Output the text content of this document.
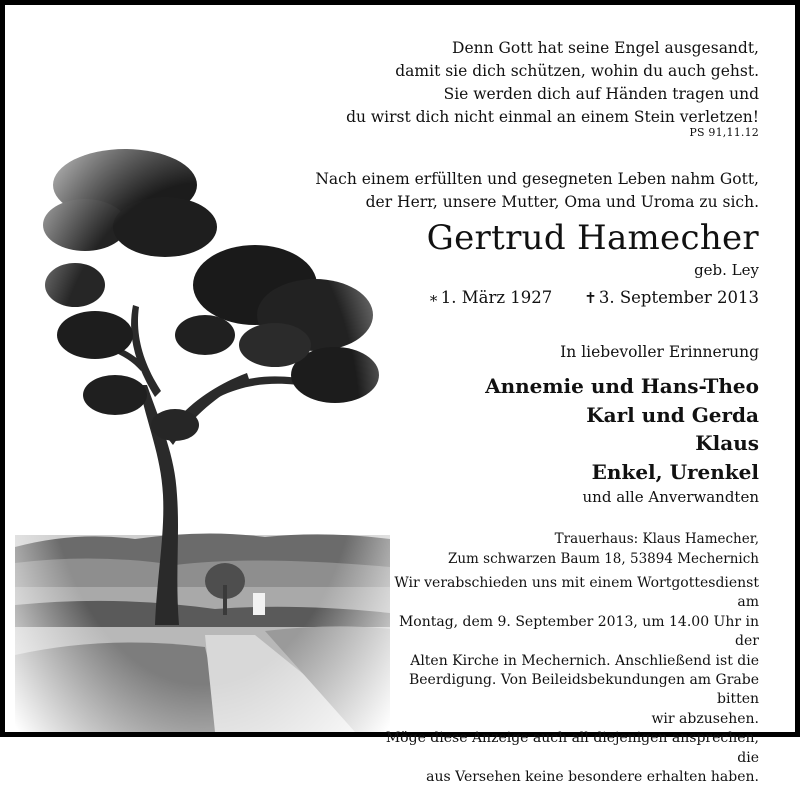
Denn Gott hat seine Engel ausgesandt,
damit sie dich schützen, wohin du auch gehst.
Sie werden dich auf Händen tragen und
du wirst dich nicht einmal an einem Stein verletzen!
PS 91,11.12
Nach einem erfüllten und gesegneten Leben nahm Gott,
der Herr, unsere Mutter, Oma und Uroma zu sich.
Gertrud Hamecher
geb. Ley
∗ 1. März 1927 ✝ 3. September 2013
In liebevoller Erinnerung
Annemie und Hans-Theo
Karl und Gerda
Klaus
Enkel, Urenkel
und alle Anverwandten
Trauerhaus: Klaus Hamecher,
Zum schwarzen Baum 18, 53894 Mechernich
Wir verabschieden uns mit einem Wortgottesdienst am
Montag, dem 9. September 2013, um 14.00 Uhr in der
Alten Kirche in Mechernich. Anschließend ist die
Beerdigung. Von Beileidsbekundungen am Grabe bitten
wir abzusehen.
Möge diese Anzeige auch all diejenigen ansprechen, die
aus Versehen keine besondere erhalten haben.
